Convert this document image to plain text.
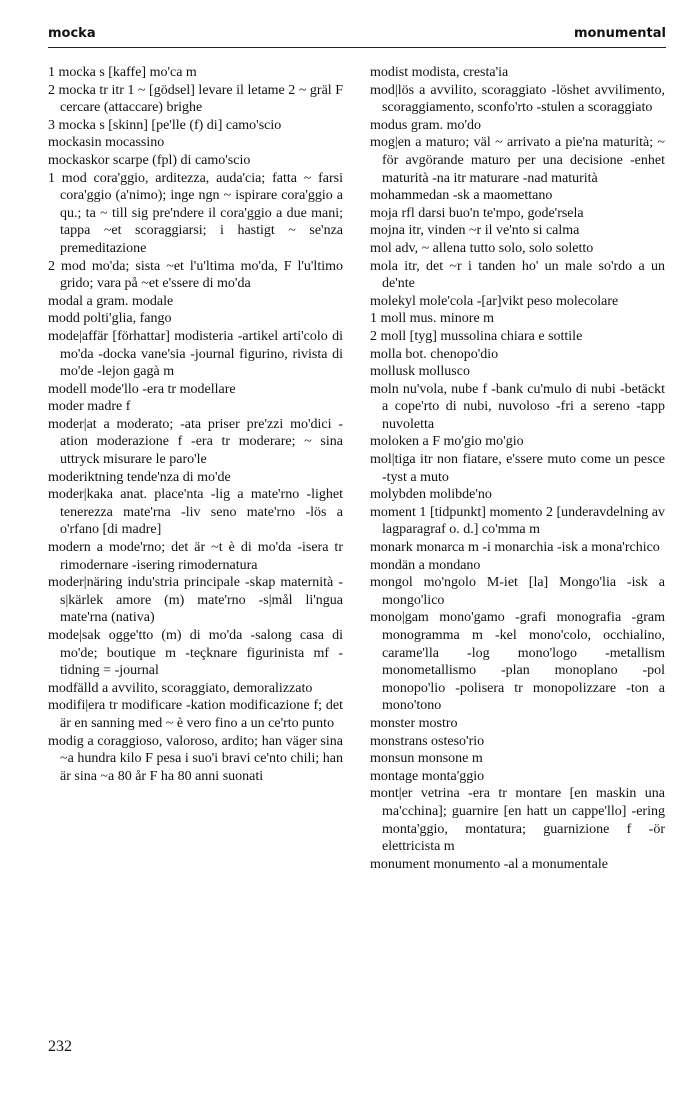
mocka	monumental

1 mocka s [kaffe] mo'ca m

2 mocka tr itr 1 ~ [gödsel] levare il letame 2 ~ gräl F cercare (attaccare) brighe

3 mocka s [skinn] [pe'lle (f) di] camo'scio

mockasin mocassino

mockaskor scarpe (fpl) di camo'scio

1 mod cora'ggio, arditezza, auda'cia; fatta ~ farsi cora'ggio (a'nimo); inge ngn ~ ispirare cora'ggio a qu.; ta ~ till sig pre'ndere il cora'ggio a due mani; tappa ~et scoraggiarsi; i hastigt ~ se'nza premeditazione

2 mod mo'da; sista ~et l'u'ltima mo'da, F l'u'ltimo grido; vara på ~et e'ssere di mo'da

modal a gram. modale

modd polti'glia, fango

mode|affär [förhattar] modisteria -artikel arti'colo di mo'da -docka vane'sia -journal figurino, rivista di mo'de -lejon gagà m

modell mode'llo -era tr modellare

moder madre f

moder|at a moderato; -ata priser pre'zzi mo'dici -ation moderazione f -era tr moderare; ~ sina uttryck misurare le paro'le

moderiktning tende'nza di mo'de

moder|kaka anat. place'nta -lig a mate'rno -lighet tenerezza mate'rna -liv seno mate'rno -lös a o'rfano [di madre]

modern a mode'rno; det är ~t è di mo'da -isera tr rimodernare -isering rimodernatura

moder|näring indu'stria principale -skap maternità -s|kärlek amore (m) mate'rno -s|mål li'ngua mate'rna (nativa)

mode|sak ogge'tto (m) di mo'da -salong casa di mo'de; boutique m -teçknare figurinista mf -tidning = -journal

modfälld a avvilito, scoraggiato, demoralizzato

modifi|era tr modificare -kation modificazione f; det är en sanning med ~ è vero fino a un ce'rto punto

modig a coraggioso, valoroso, ardito; han väger sina ~a hundra kilo F pesa i suo'i bravi ce'nto chili; han är sina ~a 80 år F ha 80 anni suonati

modist modista, cresta'ia

mod|lös a avvilito, scoraggiato -löshet avvilimento, scoraggiamento, sconfo'rto -stulen a scoraggiato

modus gram. mo'do

mog|en a maturo; väl ~ arrivato a pie'na maturità; ~ för avgörande maturo per una decisione -enhet maturità -na itr maturare -nad maturità

mohammedan -sk a maomettano

moja rfl darsi buo'n te'mpo, gode'rsela

mojna itr, vinden ~r il ve'nto si calma

mol adv, ~ allena tutto solo, solo soletto

mola itr, det ~r i tanden ho' un male so'rdo a un de'nte

molekyl mole'cola -[ar]vikt peso molecolare

1 moll mus. minore m

2 moll [tyg] mussolina chiara e sottile

molla bot. chenopo'dio

mollusk mollusco

moln nu'vola, nube f -bank cu'mulo di nubi -betäckt a cope'rto di nubi, nuvoloso -fri a sereno -tapp nuvoletta

moloken a F mo'gio mo'gio

mol|tiga itr non fiatare, e'ssere muto come un pesce -tyst a muto

molybden molibde'no

moment 1 [tidpunkt] momento 2 [underavdelning av lagparagraf o. d.] co'mma m

monark monarca m -i monarchia -isk a mona'rchico

mondän a mondano

mongol mo'ngolo M-iet [la] Mongo'lia -isk a mongo'lico

mono|gam mono'gamo -grafi monografia -gram monogramma m -kel mono'colo, occhialino, carame'lla -log mono'logo -metallism monometallismo -plan monoplano -pol monopo'lio -polisera tr monopolizzare -ton a mono'tono

monster mostro

monstrans osteso'rio

monsun monsone m

montage monta'ggio

mont|er vetrina -era tr montare [en maskin una ma'cchina]; guarnire [en hatt un cappe'llo] -ering monta'ggio, montatura; guarnizione f -ör elettricista m

monument monumento -al a monumentale

232
